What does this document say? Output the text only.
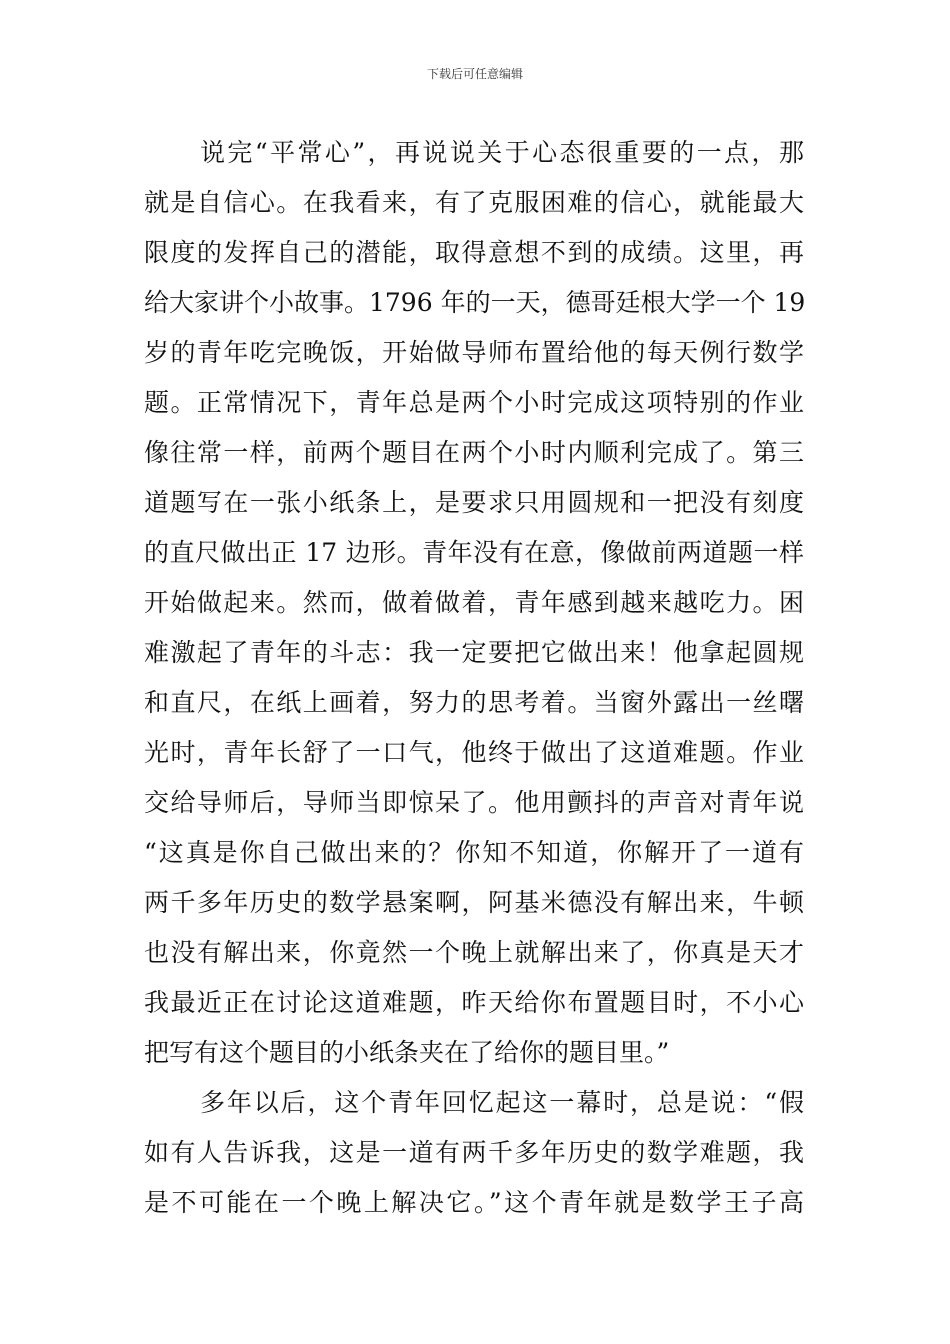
下载后可任意编辑
说完“平常心”，再说说关于心态很重要的一点，那
就是自信心。在我看来，有了克服困难的信心，就能最大
限度的发挥自己的潜能，取得意想不到的成绩。这里，再
给大家讲个小故事。1796 年的一天，德哥廷根大学一个 19
岁的青年吃完晚饭，开始做导师布置给他的每天例行数学
题。正常情况下，青年总是两个小时完成这项特别的作业
像往常一样，前两个题目在两个小时内顺利完成了。第三
道题写在一张小纸条上，是要求只用圆规和一把没有刻度
的直尺做出正 17 边形。青年没有在意，像做前两道题一样
开始做起来。然而，做着做着，青年感到越来越吃力。困
难激起了青年的斗志：我一定要把它做出来！他拿起圆规
和直尺，在纸上画着，努力的思考着。当窗外露出一丝曙
光时，青年长舒了一口气，他终于做出了这道难题。作业
交给导师后，导师当即惊呆了。他用颤抖的声音对青年说
“这真是你自己做出来的？你知不知道，你解开了一道有
两千多年历史的数学悬案啊，阿基米德没有解出来，牛顿
也没有解出来，你竟然一个晚上就解出来了，你真是天才
我最近正在讨论这道难题，昨天给你布置题目时，不小心
把写有这个题目的小纸条夹在了给你的题目里。”
多年以后，这个青年回忆起这一幕时，总是说：“假
如有人告诉我，这是一道有两千多年历史的数学难题，我
是不可能在一个晚上解决它。”这个青年就是数学王子高
